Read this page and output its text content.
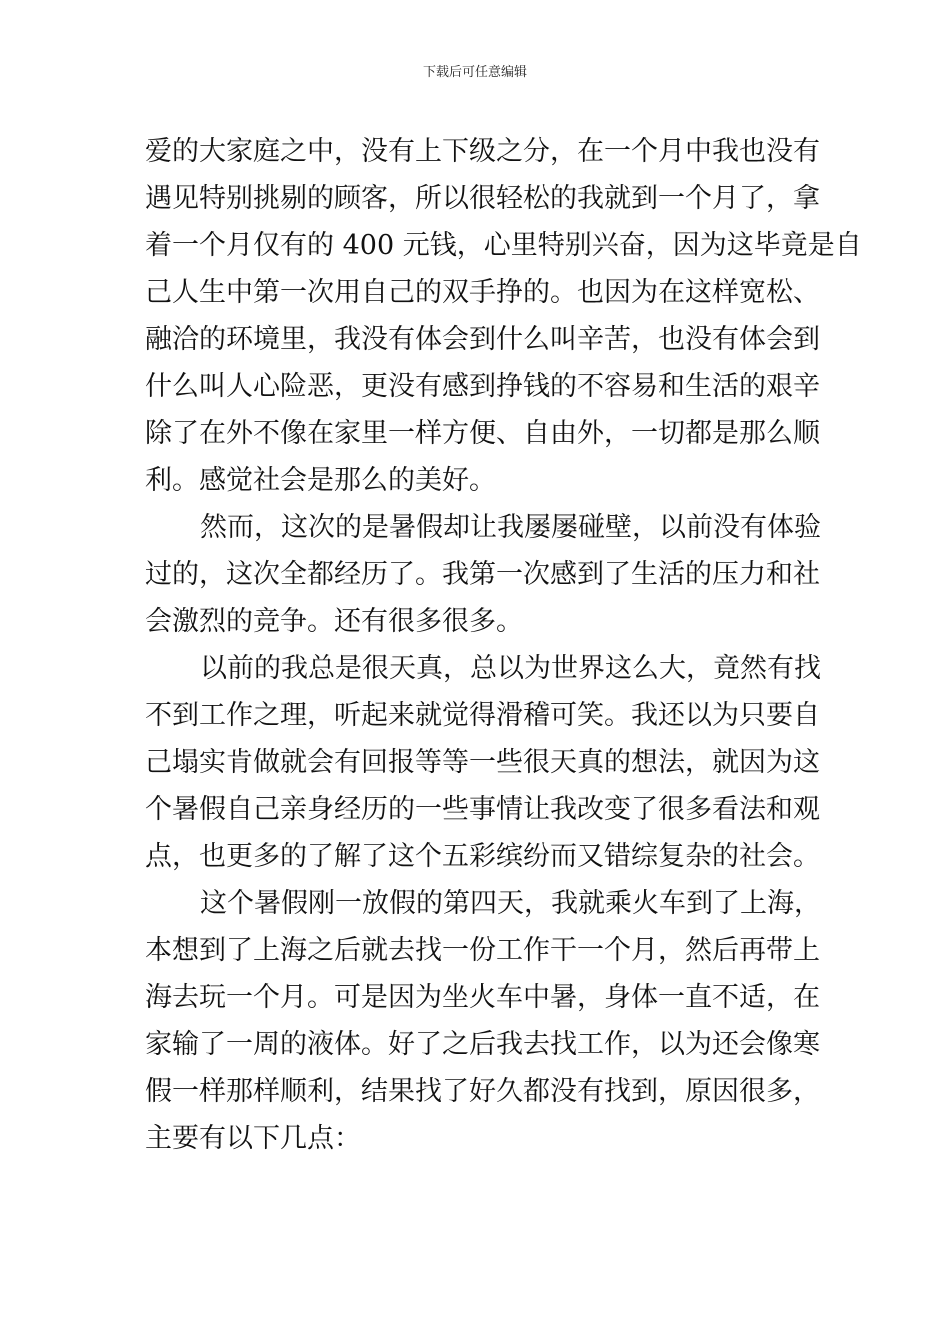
下载后可任意编辑
爱的大家庭之中，没有上下级之分，在一个月中我也没有
遇见特别挑剔的顾客，所以很轻松的我就到一个月了，拿
着一个月仅有的 400 元钱，心里特别兴奋，因为这毕竟是自
己人生中第一次用自己的双手挣的。也因为在这样宽松、
融洽的环境里，我没有体会到什么叫辛苦，也没有体会到
什么叫人心险恶，更没有感到挣钱的不容易和生活的艰辛
除了在外不像在家里一样方便、自由外，一切都是那么顺
利。感觉社会是那么的美好。
然而，这次的是暑假却让我屡屡碰壁，以前没有体验
过的，这次全都经历了。我第一次感到了生活的压力和社
会激烈的竞争。还有很多很多。
以前的我总是很天真，总以为世界这么大，竟然有找
不到工作之理，听起来就觉得滑稽可笑。我还以为只要自
己塌实肯做就会有回报等等一些很天真的想法，就因为这
个暑假自己亲身经历的一些事情让我改变了很多看法和观
点，也更多的了解了这个五彩缤纷而又错综复杂的社会。
这个暑假刚一放假的第四天，我就乘火车到了上海，
本想到了上海之后就去找一份工作干一个月，然后再带上
海去玩一个月。可是因为坐火车中暑，身体一直不适，在
家输了一周的液体。好了之后我去找工作，以为还会像寒
假一样那样顺利，结果找了好久都没有找到，原因很多，
主要有以下几点：
